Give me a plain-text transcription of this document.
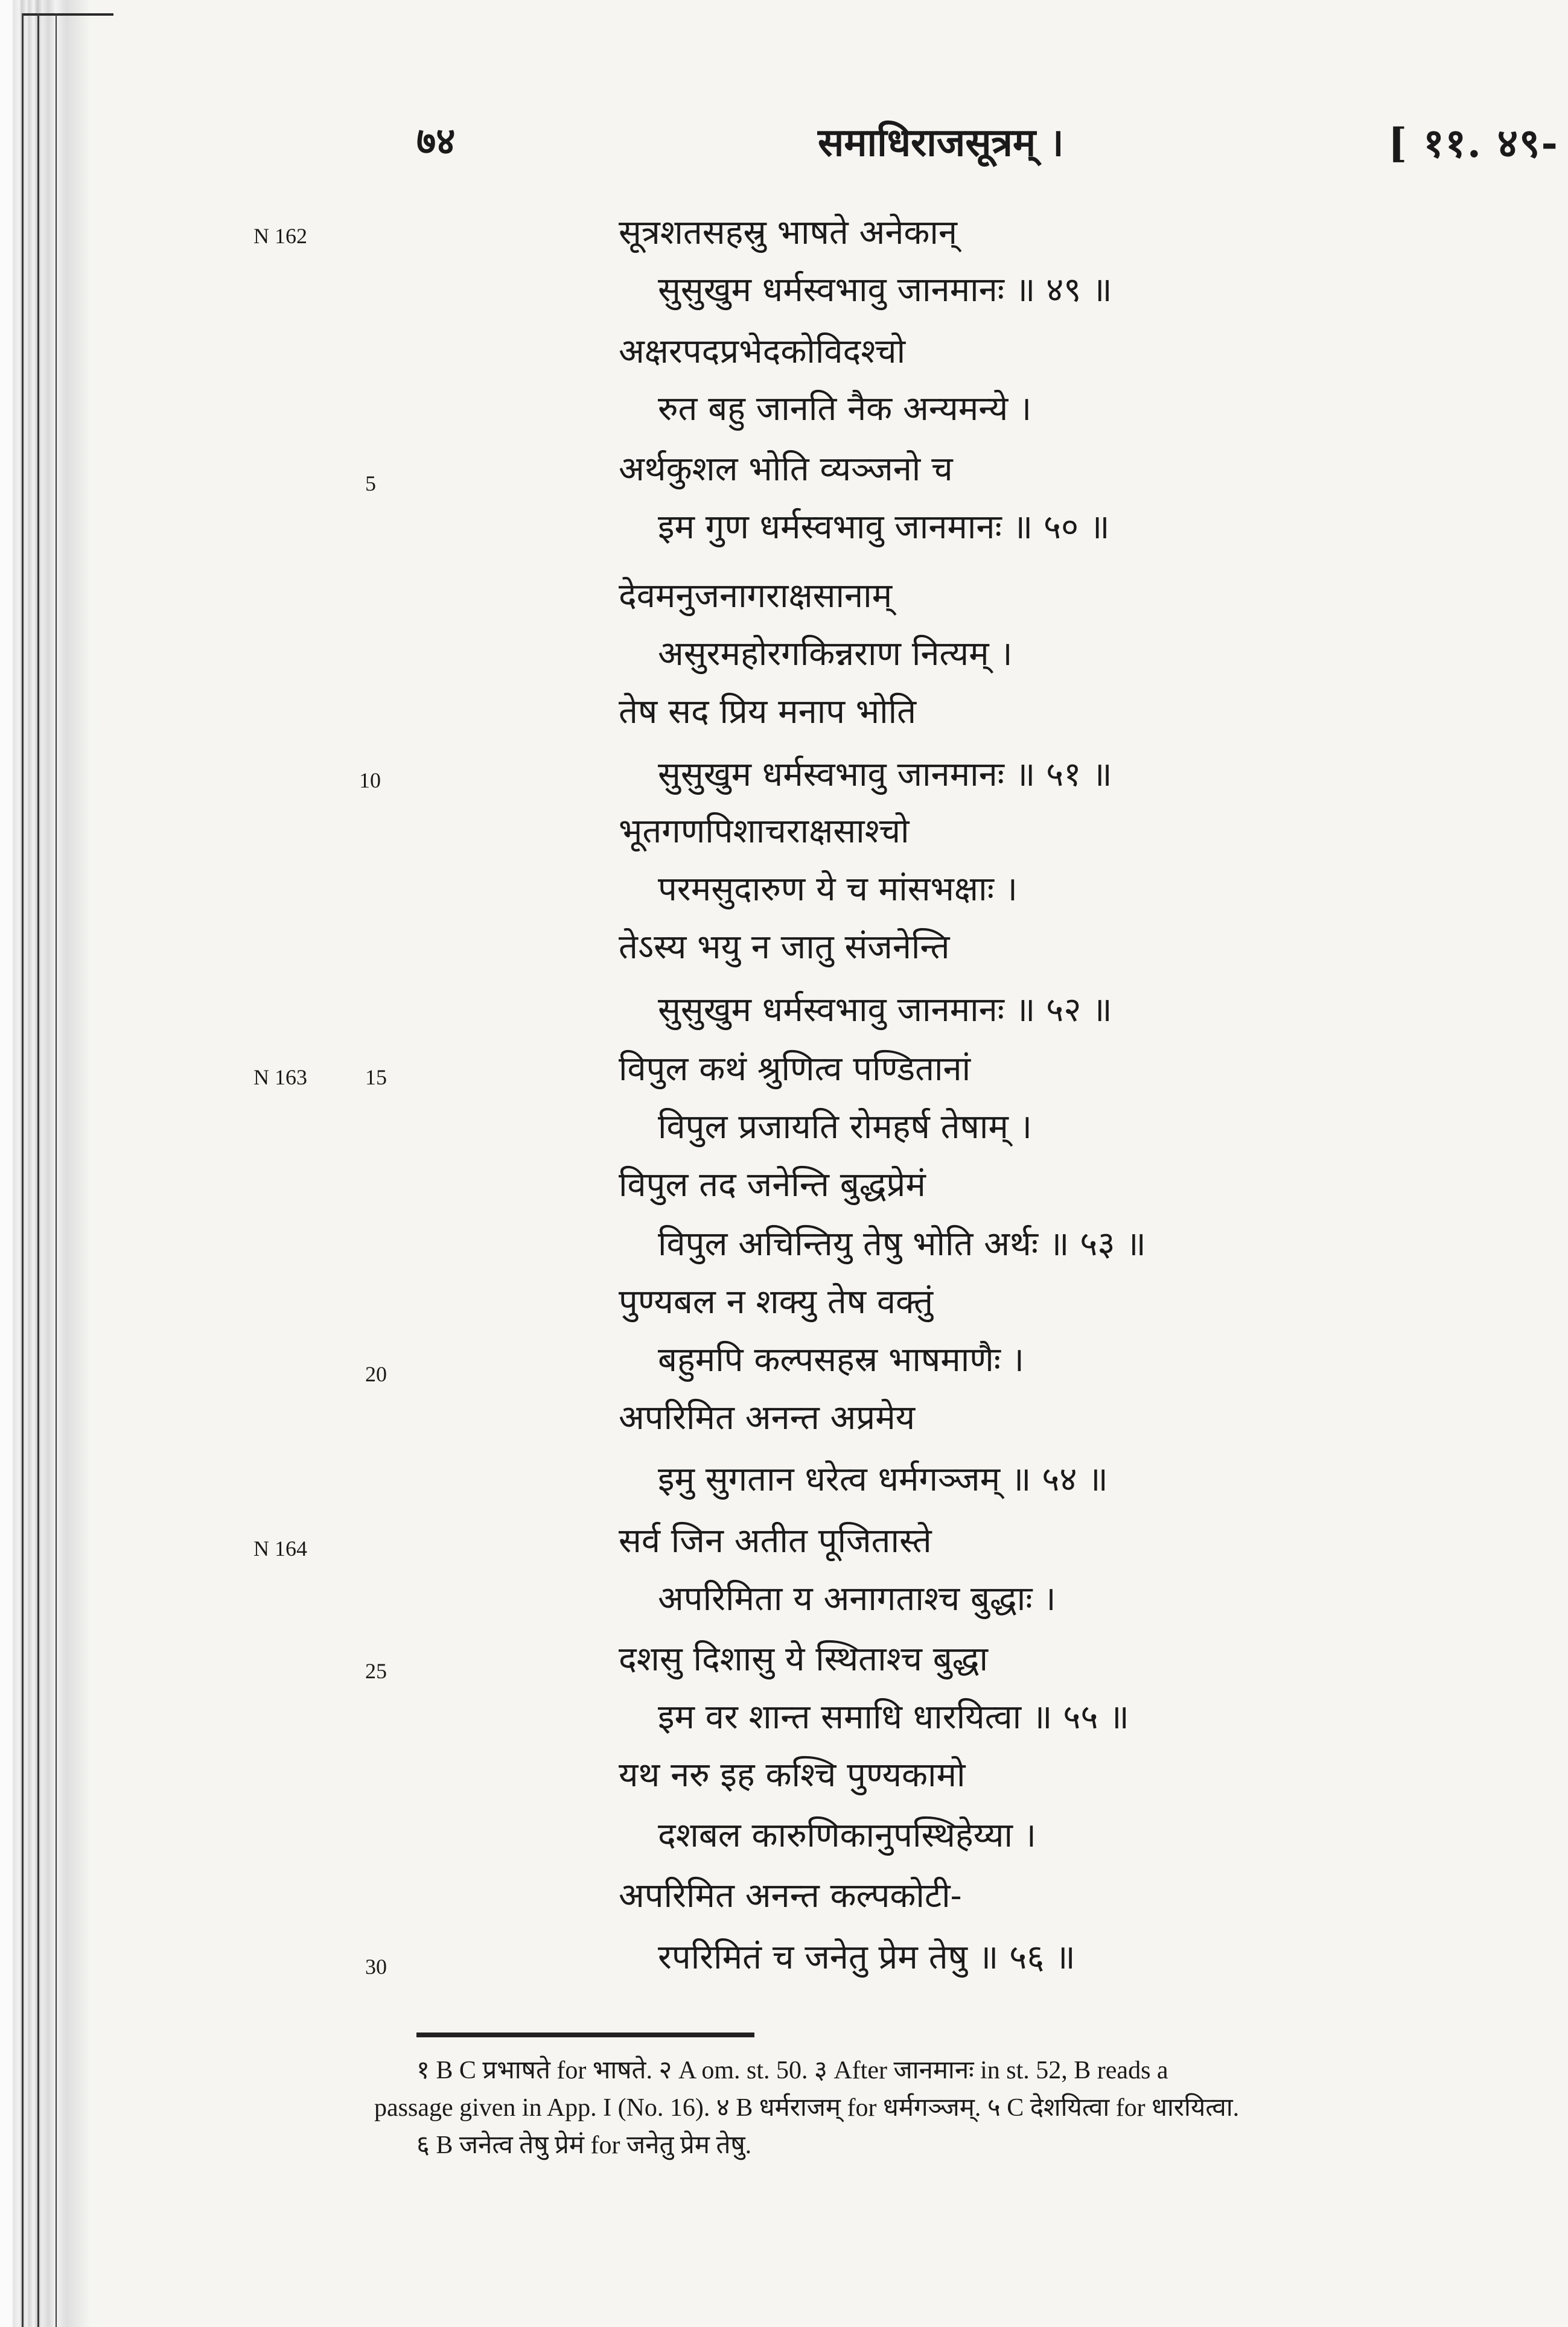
७४	समाधिराजसूत्रम् ।	[ ११. ४९-
N 162
N 163
N 164
5
10
15
20
25
30
सूत्रशतसहस्रु भाषते अनेकान्
सुसुखुम धर्मस्वभावु जानमानः ॥ ४९ ॥
अक्षरपदप्रभेदकोविदश्चो
रुत बहु जानति नैक अन्यमन्ये ।
अर्थकुशल भोति व्यञ्जनो च
इम गुण धर्मस्वभावु जानमानः ॥ ५० ॥
देवमनुजनागराक्षसानाम्
असुरमहोरगकिन्नराण नित्यम् ।
तेष सद प्रिय मनाप भोति
सुसुखुम धर्मस्वभावु जानमानः ॥ ५१ ॥
भूतगणपिशाचराक्षसाश्चो
परमसुदारुण ये च मांसभक्षाः ।
तेऽस्य भयु न जातु संजनेन्ति
सुसुखुम धर्मस्वभावु जानमानः ॥ ५२ ॥
विपुल कथं श्रुणित्व पण्डितानां
विपुल प्रजायति रोमहर्ष तेषाम् ।
विपुल तद जनेन्ति बुद्धप्रेमं
विपुल अचिन्तियु तेषु भोति अर्थः ॥ ५३ ॥
पुण्यबल न शक्यु तेष वक्तुं
बहुमपि कल्पसहस्र भाषमाणैः ।
अपरिमित अनन्त अप्रमेय
इमु सुगतान धरेत्व धर्मगञ्जम् ॥ ५४ ॥
सर्व जिन अतीत पूजितास्ते
अपरिमिता य अनागताश्च बुद्धाः ।
दशसु दिशासु ये स्थिताश्च बुद्धा
इम वर शान्त समाधि धारयित्वा ॥ ५५ ॥
यथ नरु इह कश्चि पुण्यकामो
दशबल कारुणिकानुपस्थिहेय्या ।
अपरिमित अनन्त कल्पकोटी-
रपरिमितं च जनेतु प्रेम तेषु ॥ ५६ ॥

१ B C प्रभाषते for भाषते. २ A om. st. 50. ३ After जानमानः in st. 52, B reads a

passage given in App. I (No. 16). ४ B धर्मराजम् for धर्मगञ्जम्. ५ C देशयित्वा for धारयित्वा.

६ B जनेत्व तेषु प्रेमं for जनेतु प्रेम तेषु.
